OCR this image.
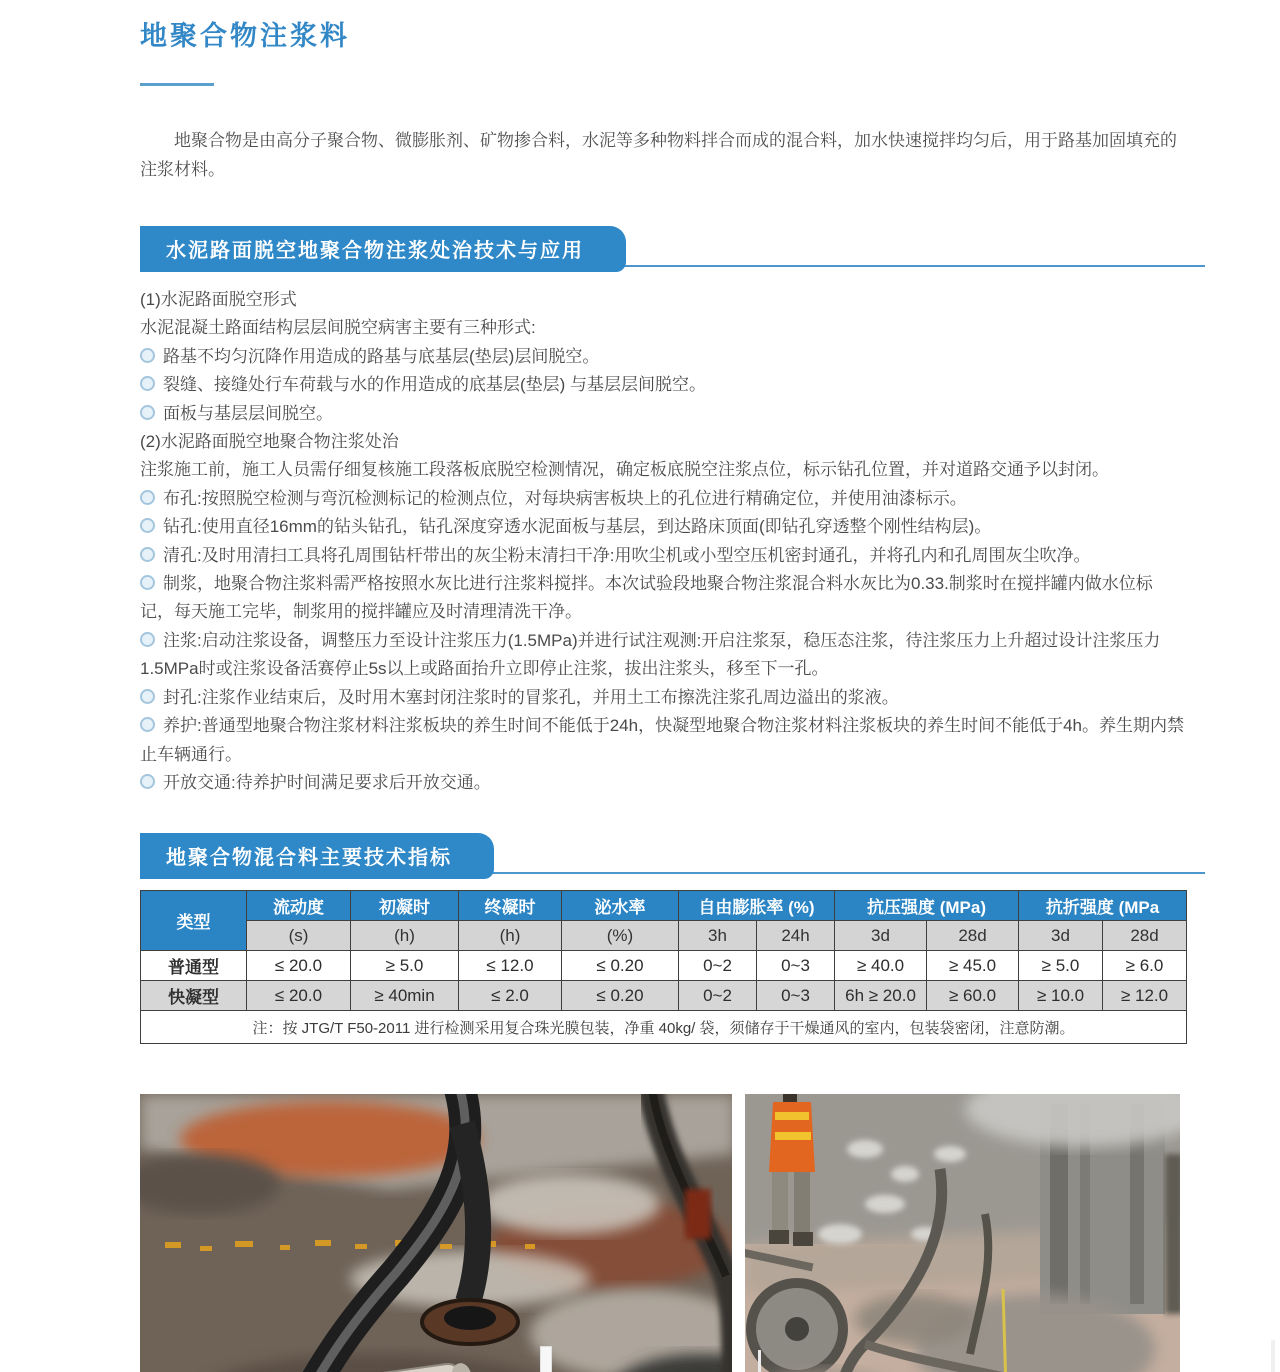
地聚合物注浆料

地聚合物是由高分子聚合物、微膨胀剂、矿物掺合料，水泥等多种物料拌合而成的混合料，加水快速搅拌均匀后，用于路基加固填充的注浆材料。

水泥路面脱空地聚合物注浆处治技术与应用
(1)水泥路面脱空形式
水泥混凝土路面结构层层间脱空病害主要有三种形式:
路基不均匀沉降作用造成的路基与底基层(垫层)层间脱空。
裂缝、接缝处行车荷载与水的作用造成的底基层(垫层) 与基层层间脱空。
面板与基层层间脱空。
(2)水泥路面脱空地聚合物注浆处治
注浆施工前，施工人员需仔细复核施工段落板底脱空检测情况，确定板底脱空注浆点位，标示钻孔位置，并对道路交通予以封闭。
布孔:按照脱空检测与弯沉检测标记的检测点位，对每块病害板块上的孔位进行精确定位，并使用油漆标示。
钻孔:使用直径16mm的钻头钻孔，钻孔深度穿透水泥面板与基层，到达路床顶面(即钻孔穿透整个刚性结构层)。
清孔:及时用清扫工具将孔周围钻杆带出的灰尘粉末清扫干净:用吹尘机或小型空压机密封通孔，并将孔内和孔周围灰尘吹净。
制浆，地聚合物注浆料需严格按照水灰比进行注浆料搅拌。本次试验段地聚合物注浆混合料水灰比为0.33.制浆时在搅拌罐内做水位标记，每天施工完毕，制浆用的搅拌罐应及时清理清洗干净。
注浆:启动注浆设备，调整压力至设计注浆压力(1.5MPa)并进行试注观测:开启注浆泵，稳压态注浆，待注浆压力上升超过设计注浆压力1.5MPa时或注浆设备活赛停止5s以上或路面抬升立即停止注浆，拔出注浆头，移至下一孔。
封孔:注浆作业结束后，及时用木塞封闭注浆时的冒浆孔，并用土工布擦洗注浆孔周边溢出的浆液。
养护:普通型地聚合物注浆材料注浆板块的养生时间不能低于24h，快凝型地聚合物注浆材料注浆板块的养生时间不能低于4h。养生期内禁止车辆通行。
开放交通:待养护时间满足要求后开放交通。
地聚合物混合料主要技术指标
类型	流动度	初凝时	终凝时	泌水率	自由膨胀率 (%)		抗压强度 (MPa)		抗折强度 (MPa	
	(s)	(h)	(h)	(%)	3h	24h	3d	28d	3d	28d
普通型	≤ 20.0	≥ 5.0	≤ 12.0	≤ 0.20	0~2	0~3	≥ 40.0	≥ 45.0	≥ 5.0	≥ 6.0
快凝型	≤ 20.0	≥ 40min	≤ 2.0	≤ 0.20	0~2	0~3	6h ≥ 20.0	≥ 60.0	≥ 10.0	≥ 12.0
注：按 JTG/T F50-2011 进行检测采用复合珠光膜包装，净重 40kg/ 袋，须储存于干燥通风的室内，包装袋密闭，注意防潮。										
